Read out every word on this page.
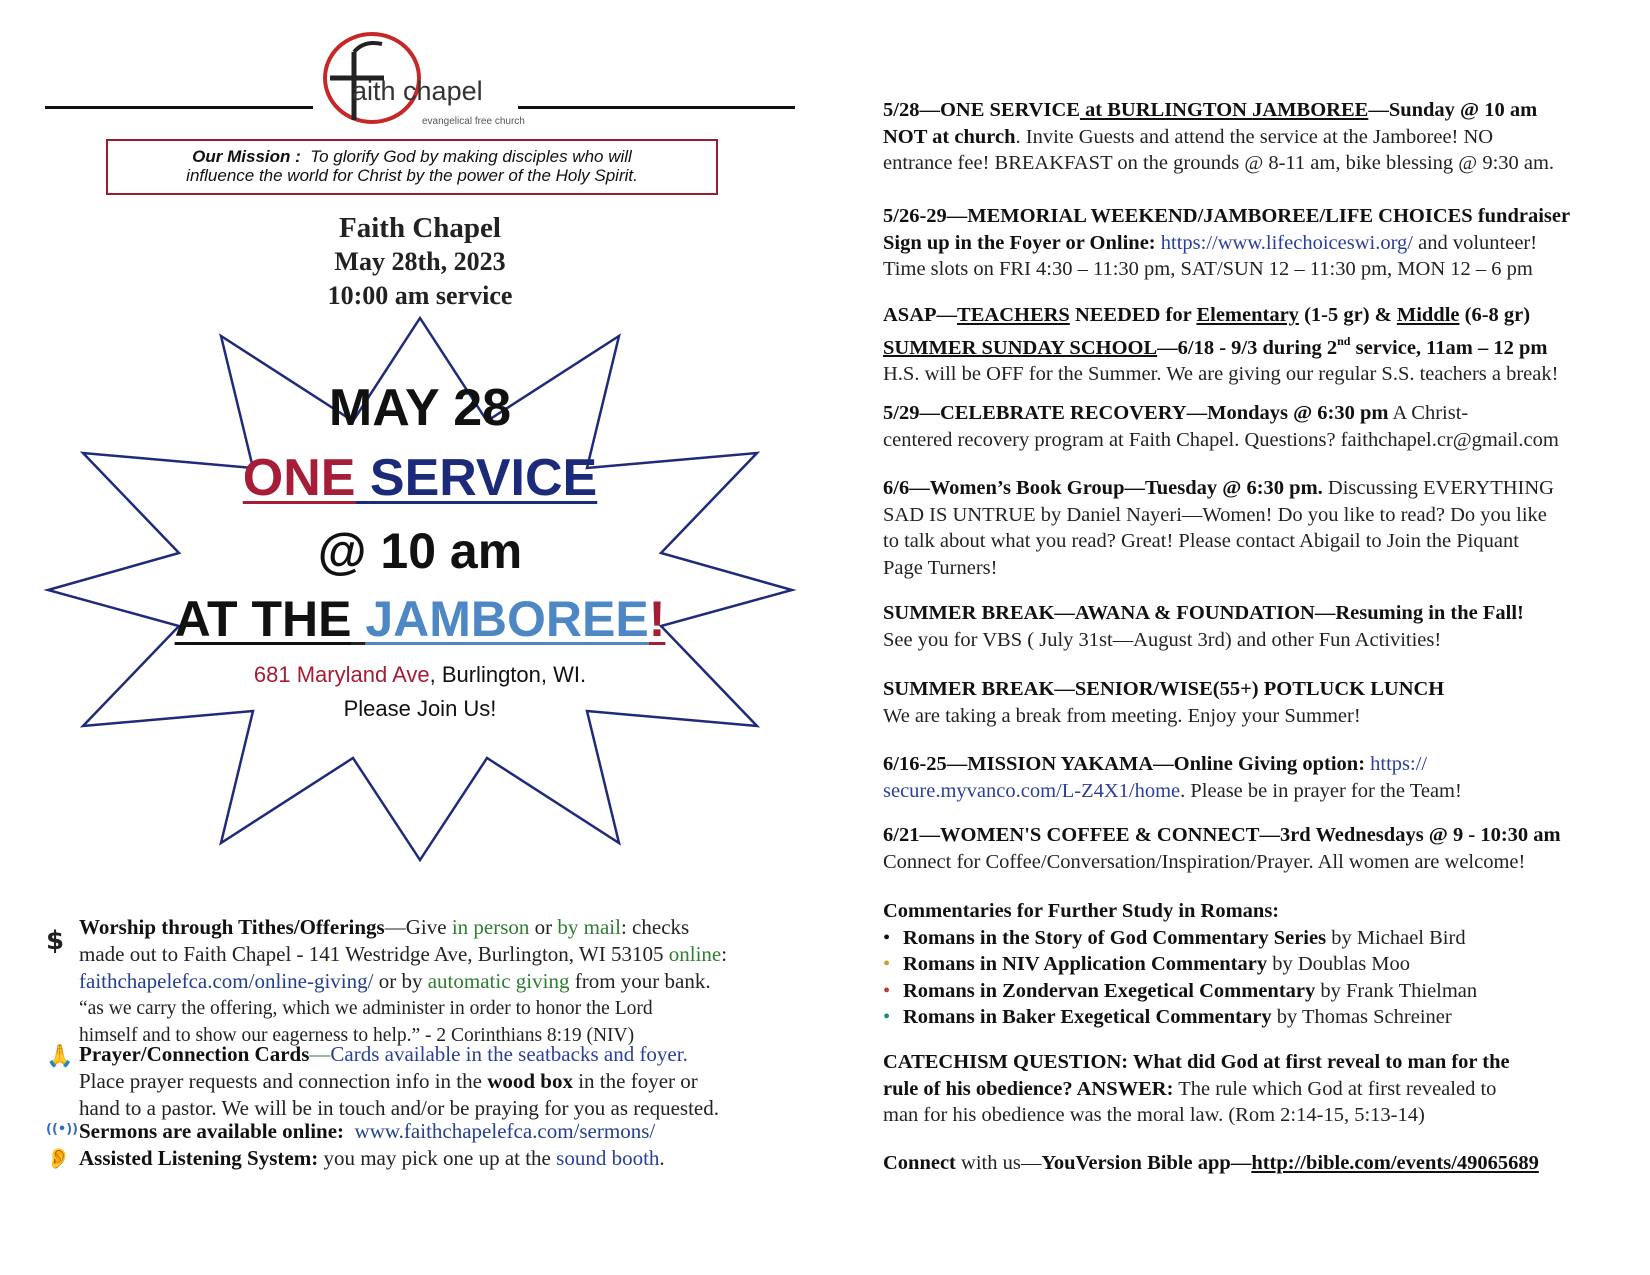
aith chapel
evangelical free church
Our Mission : To glorify God by making disciples who will
influence the world for Christ by the power of the Holy Spirit.
Faith Chapel
May 28th, 2023
10:00 am service
MAY 28
ONE SERVICE
@ 10 am
AT THE JAMBOREE!
681 Maryland Ave, Burlington, WI.
Please Join Us!
$ Worship through Tithes/Offerings—Give in person or by mail: checks
made out to Faith Chapel - 141 Westridge Ave, Burlington, WI 53105 online:
faithchapelefca.com/online-giving/ or by automatic giving from your bank.
“as we carry the offering, which we administer in order to honor the Lord
himself and to show our eagerness to help.” - 2 Corinthians 8:19 (NIV)
🙏 Prayer/Connection Cards—Cards available in the seatbacks and foyer.
Place prayer requests and connection info in the wood box in the foyer or
hand to a pastor. We will be in touch and/or be praying for you as requested.
((•)) Sermons are available online: www.faithchapelefca.com/sermons/
👂 Assisted Listening System: you may pick one up at the sound booth.
5/28—ONE SERVICE at BURLINGTON JAMBOREE—Sunday @ 10 am
NOT at church. Invite Guests and attend the service at the Jamboree! NO
entrance fee! BREAKFAST on the grounds @ 8-11 am, bike blessing @ 9:30 am.
5/26-29—MEMORIAL WEEKEND/JAMBOREE/LIFE CHOICES fundraiser
Sign up in the Foyer or Online: https://www.lifechoiceswi.org/ and volunteer!
Time slots on FRI 4:30 – 11:30 pm, SAT/SUN 12 – 11:30 pm, MON 12 – 6 pm
ASAP—TEACHERS NEEDED for Elementary (1-5 gr) & Middle (6-8 gr)
SUMMER SUNDAY SCHOOL—6/18 - 9/3 during 2nd service, 11am – 12 pm
H.S. will be OFF for the Summer. We are giving our regular S.S. teachers a break!
5/29—CELEBRATE RECOVERY—Mondays @ 6:30 pm A Christ-
centered recovery program at Faith Chapel. Questions? faithchapel.cr@gmail.com
6/6—Women’s Book Group—Tuesday @ 6:30 pm. Discussing EVERYTHING
SAD IS UNTRUE by Daniel Nayeri—Women! Do you like to read? Do you like
to talk about what you read? Great! Please contact Abigail to Join the Piquant
Page Turners!
SUMMER BREAK—AWANA & FOUNDATION—Resuming in the Fall!
See you for VBS ( July 31st—August 3rd) and other Fun Activities!
SUMMER BREAK—SENIOR/WISE(55+) POTLUCK LUNCH
We are taking a break from meeting. Enjoy your Summer!
6/16-25—MISSION YAKAMA—Online Giving option: https://
secure.myvanco.com/L-Z4X1/home. Please be in prayer for the Team!
6/21—WOMEN'S COFFEE & CONNECT—3rd Wednesdays @ 9 - 10:30 am
Connect for Coffee/Conversation/Inspiration/Prayer. All women are welcome!
Commentaries for Further Study in Romans:
• Romans in the Story of God Commentary Series by Michael Bird
• Romans in NIV Application Commentary by Doublas Moo
• Romans in Zondervan Exegetical Commentary by Frank Thielman
• Romans in Baker Exegetical Commentary by Thomas Schreiner
CATECHISM QUESTION: What did God at first reveal to man for the
rule of his obedience? ANSWER: The rule which God at first revealed to
man for his obedience was the moral law. (Rom 2:14-15, 5:13-14)
Connect with us—YouVersion Bible app—http://bible.com/events/49065689
